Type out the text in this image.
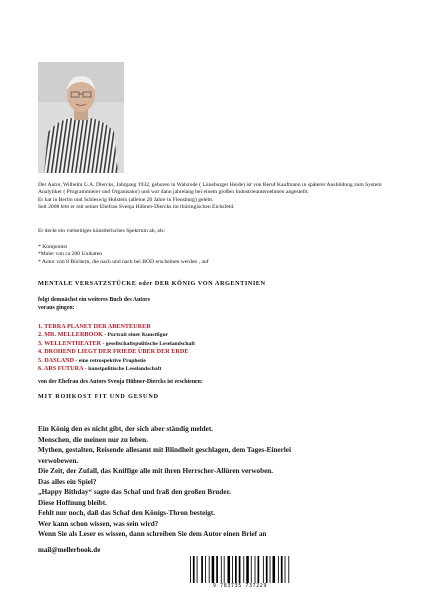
Der Autor, Wilhelm G.A. Diercks, Jahrgang 1932, geboren in Walsrode ( Lüneburger Heide) ist von Beruf Kaufmann in späterer Ausbildung zum System Analytiker ( Programmierer und Organisator) und war dann jahrelang bei einem großen Industrieunternehmen angestellt.

Er hat in Berlin und Schleswig Holstein (alleine 20 Jahre in Flensburg) gelebt.

Seit 2008 lebt er mit seiner Ehefrau Svenja Hübner-Diercks im thüringischen Eichsfeld.

Er deckt ein vielseitiges künstlerisches Spektrum ab, als:
* Komponist
*Maler von ca 200 Unikaten
* Autor von 8 Büchern, die nach und nach bei BOD erscheinen werden , auf
MENTALE VERSATZSTÜCKE oder DER KÖNIG VON ARGENTINIEN
folgt demnächst ein weiteres Buch des Autors
voraus gingen:
1. TERRA PLANET DER ABENTEURER
2. MR. MELLERBOOK - Portrait einer Kunstfigur
3. WELLENTHEATER - gesellschaftspolitische Leselandschaft
4. DROHEND LIEGT DER FRIEDE ÜBER DER ERDE
5. DASLAND - eine retrospektive Prophetie
6. ARS FUTURA - kunstpolitische Leselandschaft
von der Ehefrau des Autors Svenja Hübner-Diercks ist erschienen:
MIT ROHKOST FIT UND GESUND
Ein König den es nicht gibt, der sich aber ständig meldet.
Menschen, die meinen nur zu leben.
Mythen, gestalten, Reisende allesamt mit Blindheit geschlagen, dem Tages-Einerlei
verwobewen.
Die Zeit, der Zufall, das Kniffige alle mit ihren Herrscher-Allüren verwoben.
Das alles ein Spiel?
„Happy Bithday“ sagte das Schaf und fraß den großen Bruder.
Diese Hoffnung bleibt.
Fehlt nur noch, daß das Schaf den Königs-Thron besteigt.
Wer kann schon wissen, was sein wird?
Wenn Sie als Leser es wissen, dann schreiben Sie dem Autor einen Brief an
mail@mellerbook.de
9 783735 737229
